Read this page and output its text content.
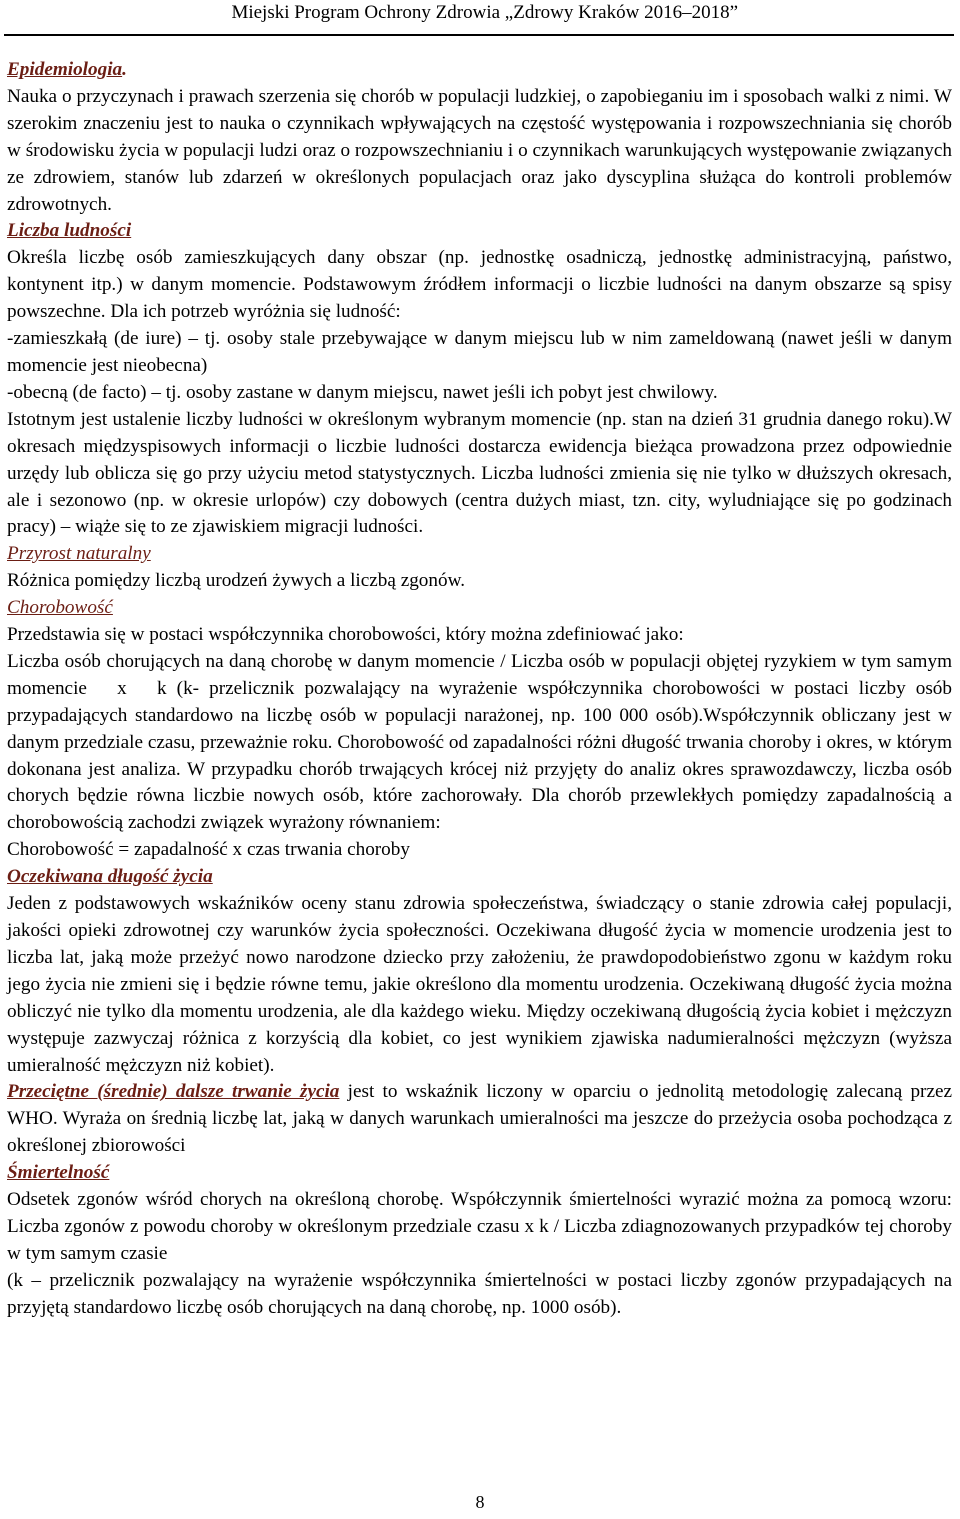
Miejski Program Ochrony Zdrowia „Zdrowy Kraków 2016–2018”

Epidemiologia.

Nauka o przyczynach i prawach szerzenia się chorób w populacji ludzkiej, o zapobieganiu im i sposobach walki z nimi. W szerokim znaczeniu jest to nauka o czynnikach wpływających na częstość występowania i rozpowszechniania się chorób w środowisku życia w populacji ludzi oraz o rozpowszechnianiu i o czynnikach warunkujących występowanie związanych ze zdrowiem, stanów lub zdarzeń w określonych populacjach oraz jako dyscyplina służąca do kontroli problemów zdrowotnych.

Liczba ludności

Określa liczbę osób zamieszkujących dany obszar (np. jednostkę osadniczą, jednostkę administracyjną, państwo, kontynent itp.) w danym momencie. Podstawowym źródłem informacji o liczbie ludności na danym obszarze są spisy powszechne. Dla ich potrzeb wyróżnia się ludność:

-zamieszkałą (de iure) – tj. osoby stale przebywające w danym miejscu lub w nim zameldowaną (nawet jeśli w danym momencie jest nieobecna)

-obecną (de facto) – tj. osoby zastane w danym miejscu, nawet jeśli ich pobyt jest chwilowy.

Istotnym jest ustalenie liczby ludności w określonym wybranym momencie (np. stan na dzień 31 grudnia danego roku).W okresach międzyspisowych informacji o liczbie ludności dostarcza ewidencja bieżąca prowadzona przez odpowiednie urzędy lub oblicza się go przy użyciu metod statystycznych. Liczba ludności zmienia się nie tylko w dłuższych okresach, ale i sezonowo (np. w okresie urlopów) czy dobowych (centra dużych miast, tzn. city, wyludniające się po godzinach pracy) – wiąże się to ze zjawiskiem migracji ludności.

Przyrost naturalny

Różnica pomiędzy liczbą urodzeń żywych a liczbą zgonów.

Chorobowość

Przedstawia się w postaci współczynnika chorobowości, który można zdefiniować jako:

Liczba osób chorujących na daną chorobę w danym momencie / Liczba osób w populacji objętej ryzykiem w tym samym momencie   x   k (k- przelicznik pozwalający na wyrażenie współczynnika chorobowości w postaci liczby osób przypadających standardowo na liczbę osób w populacji narażonej, np. 100 000 osób).Współczynnik obliczany jest w danym przedziale czasu, przeważnie roku. Chorobowość od zapadalności różni długość trwania choroby i okres, w którym dokonana jest analiza. W przypadku chorób trwających krócej niż przyjęty do analiz okres sprawozdawczy, liczba osób chorych będzie równa liczbie nowych osób, które zachorowały. Dla chorób przewlekłych pomiędzy zapadalnością a chorobowością zachodzi związek wyrażony równaniem:

Chorobowość = zapadalność x czas trwania choroby

Oczekiwana długość życia

Jeden z podstawowych wskaźników oceny stanu zdrowia społeczeństwa, świadczący o stanie zdrowia całej populacji, jakości opieki zdrowotnej czy warunków życia społeczności. Oczekiwana długość życia w momencie urodzenia jest to liczba lat, jaką może przeżyć nowo narodzone dziecko przy założeniu, że prawdopodobieństwo zgonu w każdym roku jego życia nie zmieni się i będzie równe temu, jakie określono dla momentu urodzenia. Oczekiwaną długość życia można obliczyć nie tylko dla momentu urodzenia, ale dla każdego wieku. Między oczekiwaną długością życia kobiet i mężczyzn występuje zazwyczaj różnica z korzyścią dla kobiet, co jest wynikiem zjawiska nadumieralności mężczyzn (wyższa umieralność mężczyzn niż kobiet).

Przeciętne (średnie) dalsze trwanie życia jest to wskaźnik liczony w oparciu o jednolitą metodologię zalecaną przez WHO. Wyraża on średnią liczbę lat, jaką w danych warunkach umieralności ma jeszcze do przeżycia osoba pochodząca z określonej zbiorowości

Śmiertelność

Odsetek zgonów wśród chorych na określoną chorobę. Współczynnik śmiertelności wyrazić można za pomocą wzoru: Liczba zgonów z powodu choroby w określonym przedziale czasu x k / Liczba zdiagnozowanych przypadków tej choroby w tym samym czasie

(k – przelicznik pozwalający na wyrażenie współczynnika śmiertelności w postaci liczby zgonów przypadających na przyjętą standardowo liczbę osób chorujących na daną chorobę, np. 1000 osób).

8
